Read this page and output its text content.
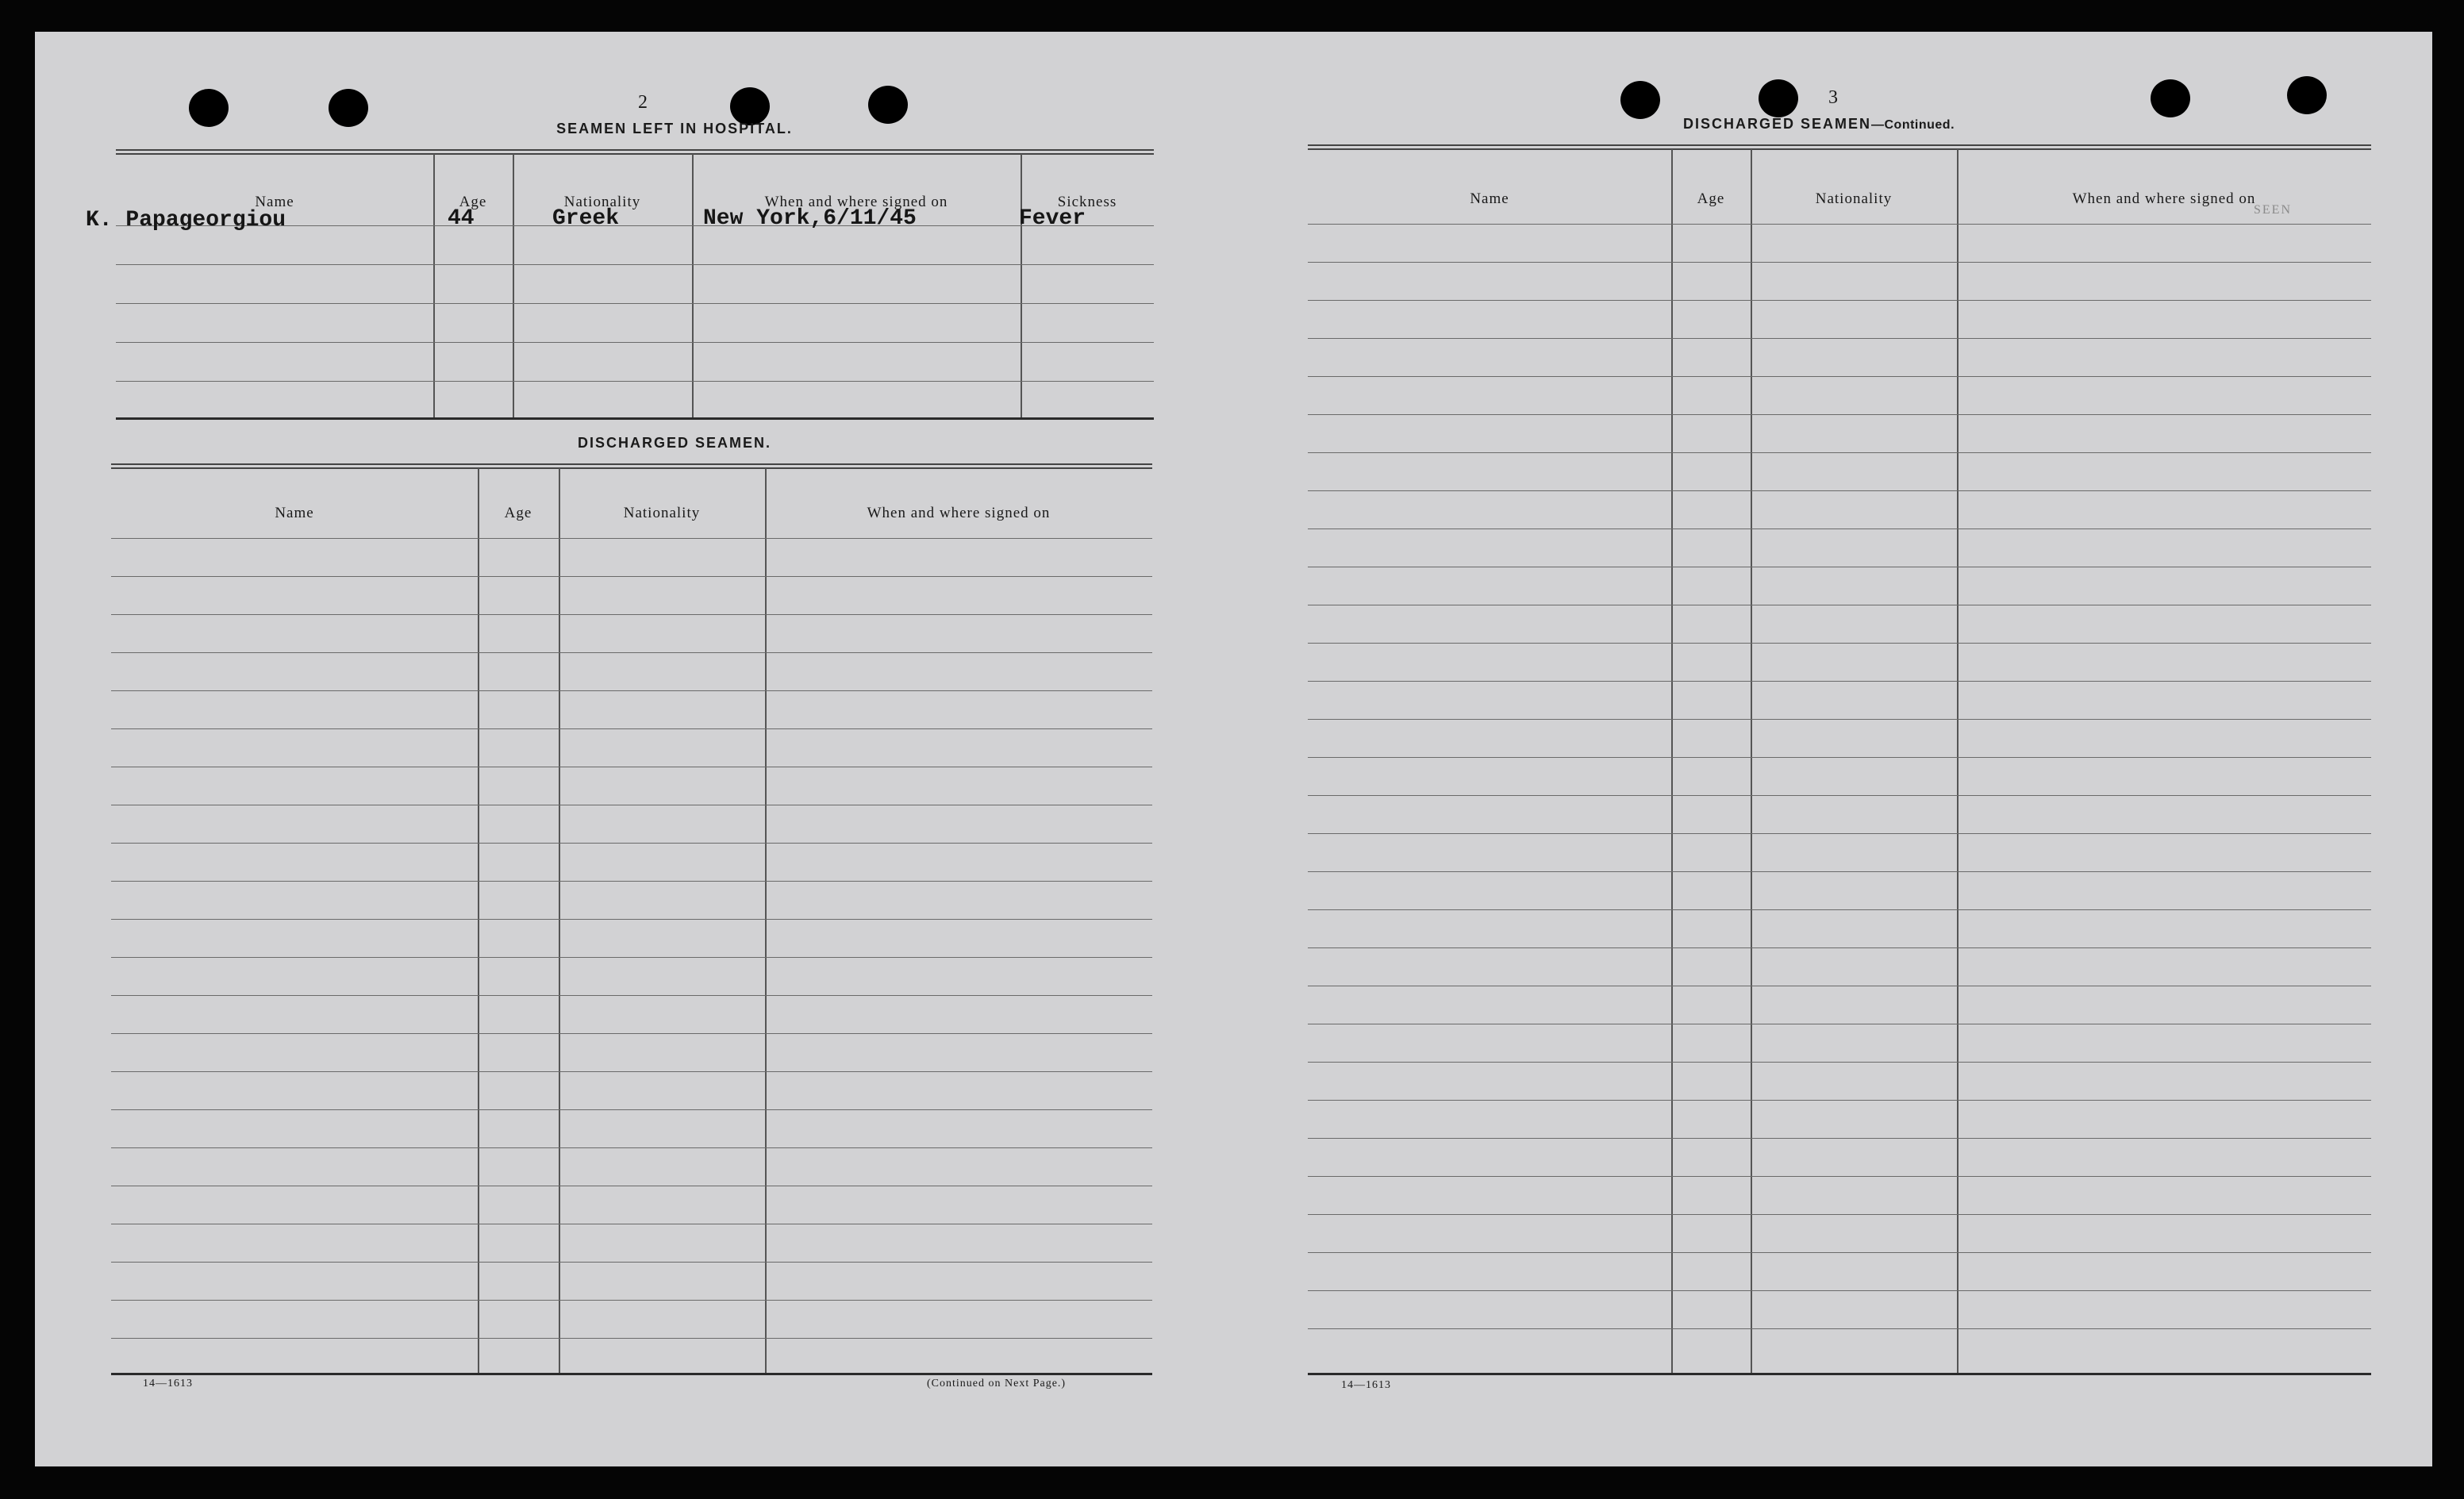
2
SEAMEN LEFT IN HOSPITAL.
Name	Age	Nationality	When and where signed on	Sickness
K. Papageorgiou	44	Greek	New York,6/11/45	Fever
DISCHARGED SEAMEN.
Name	Age	Nationality	When and where signed on
14—1613	(Continued on Next Page.)
3
DISCHARGED SEAMEN—Continued.
SEEN
Name	Age	Nationality	When and where signed on
14—1613
